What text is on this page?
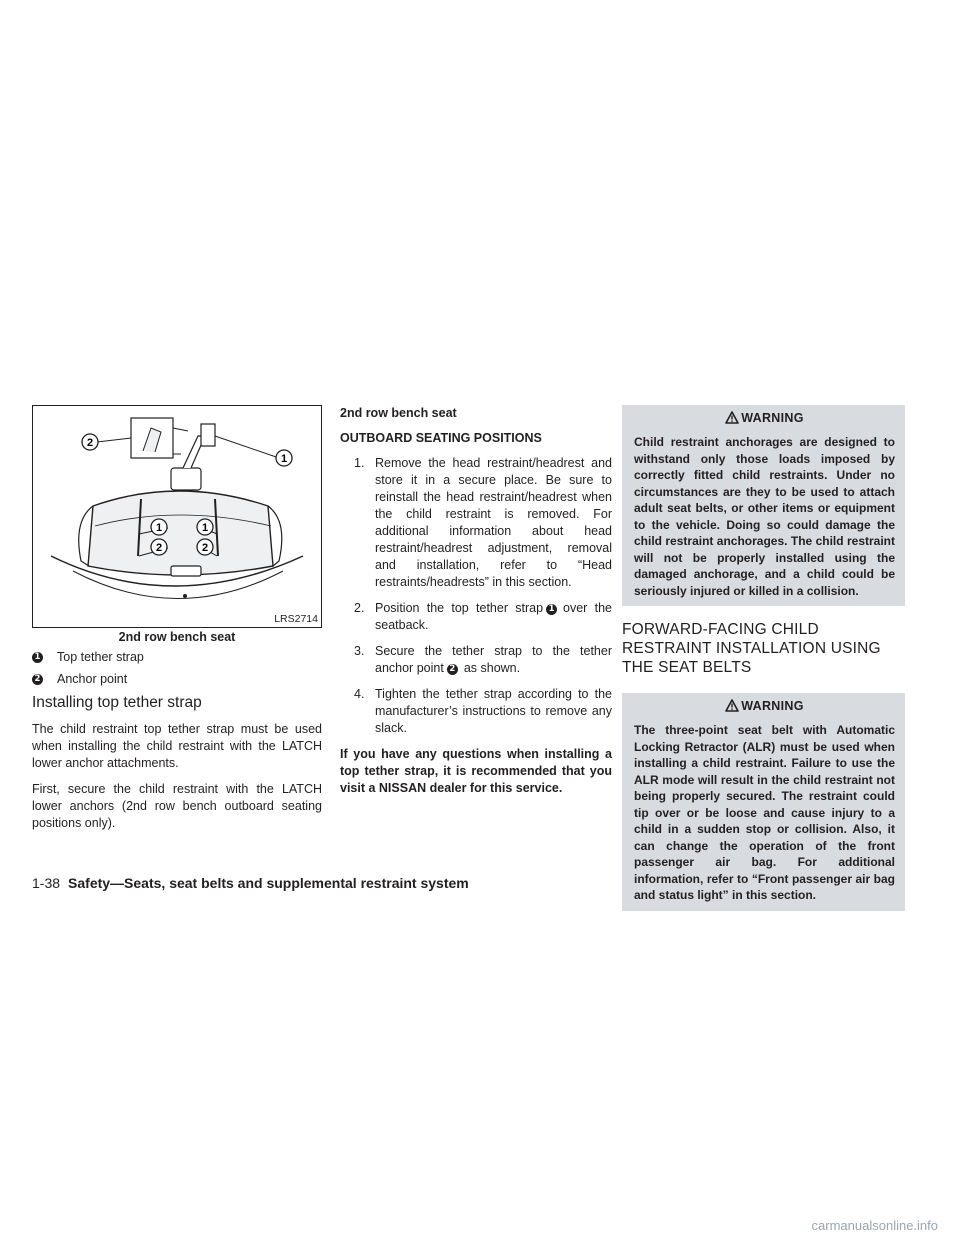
2
1
1
2
1
2
LRS2714
2nd row bench seat
1 Top tether strap
2 Anchor point
Installing top tether strap

The child restraint top tether strap must be used when installing the child restraint with the LATCH lower anchor attachments.

First, secure the child restraint with the LATCH lower anchors (2nd row bench outboard seating positions only).

2nd row bench seat
OUTBOARD SEATING POSITIONS
1. Remove the head restraint/headrest and store it in a secure place. Be sure to reinstall the head restraint/headrest when the child restraint is removed. For additional information about head restraint/headrest adjustment, removal and installation, refer to “Head restraints/headrests” in this section.
2. Position the top tether strap 1 over the seatback.
3. Secure the tether strap to the tether anchor point 2 as shown.
4. Tighten the tether strap according to the manufacturer’s instructions to remove any slack.
If you have any questions when installing a top tether strap, it is recommended that you visit a NISSAN dealer for this service.
WARNING
Child restraint anchorages are designed to withstand only those loads imposed by correctly fitted child restraints. Under no circumstances are they to be used to attach adult seat belts, or other items or equipment to the vehicle. Doing so could damage the child restraint anchorages. The child restraint will not be properly installed using the damaged anchorage, and a child could be seriously injured or killed in a collision.
FORWARD-FACING CHILD RESTRAINT INSTALLATION USING THE SEAT BELTS
WARNING
The three-point seat belt with Automatic Locking Retractor (ALR) must be used when installing a child restraint. Failure to use the ALR mode will result in the child restraint not being properly secured. The restraint could tip over or be loose and cause injury to a child in a sudden stop or collision. Also, it can change the operation of the front passenger air bag. For additional information, refer to “Front passenger air bag and status light” in this section.
1-38 Safety—Seats, seat belts and supplemental restraint system
carmanualsonline.info
